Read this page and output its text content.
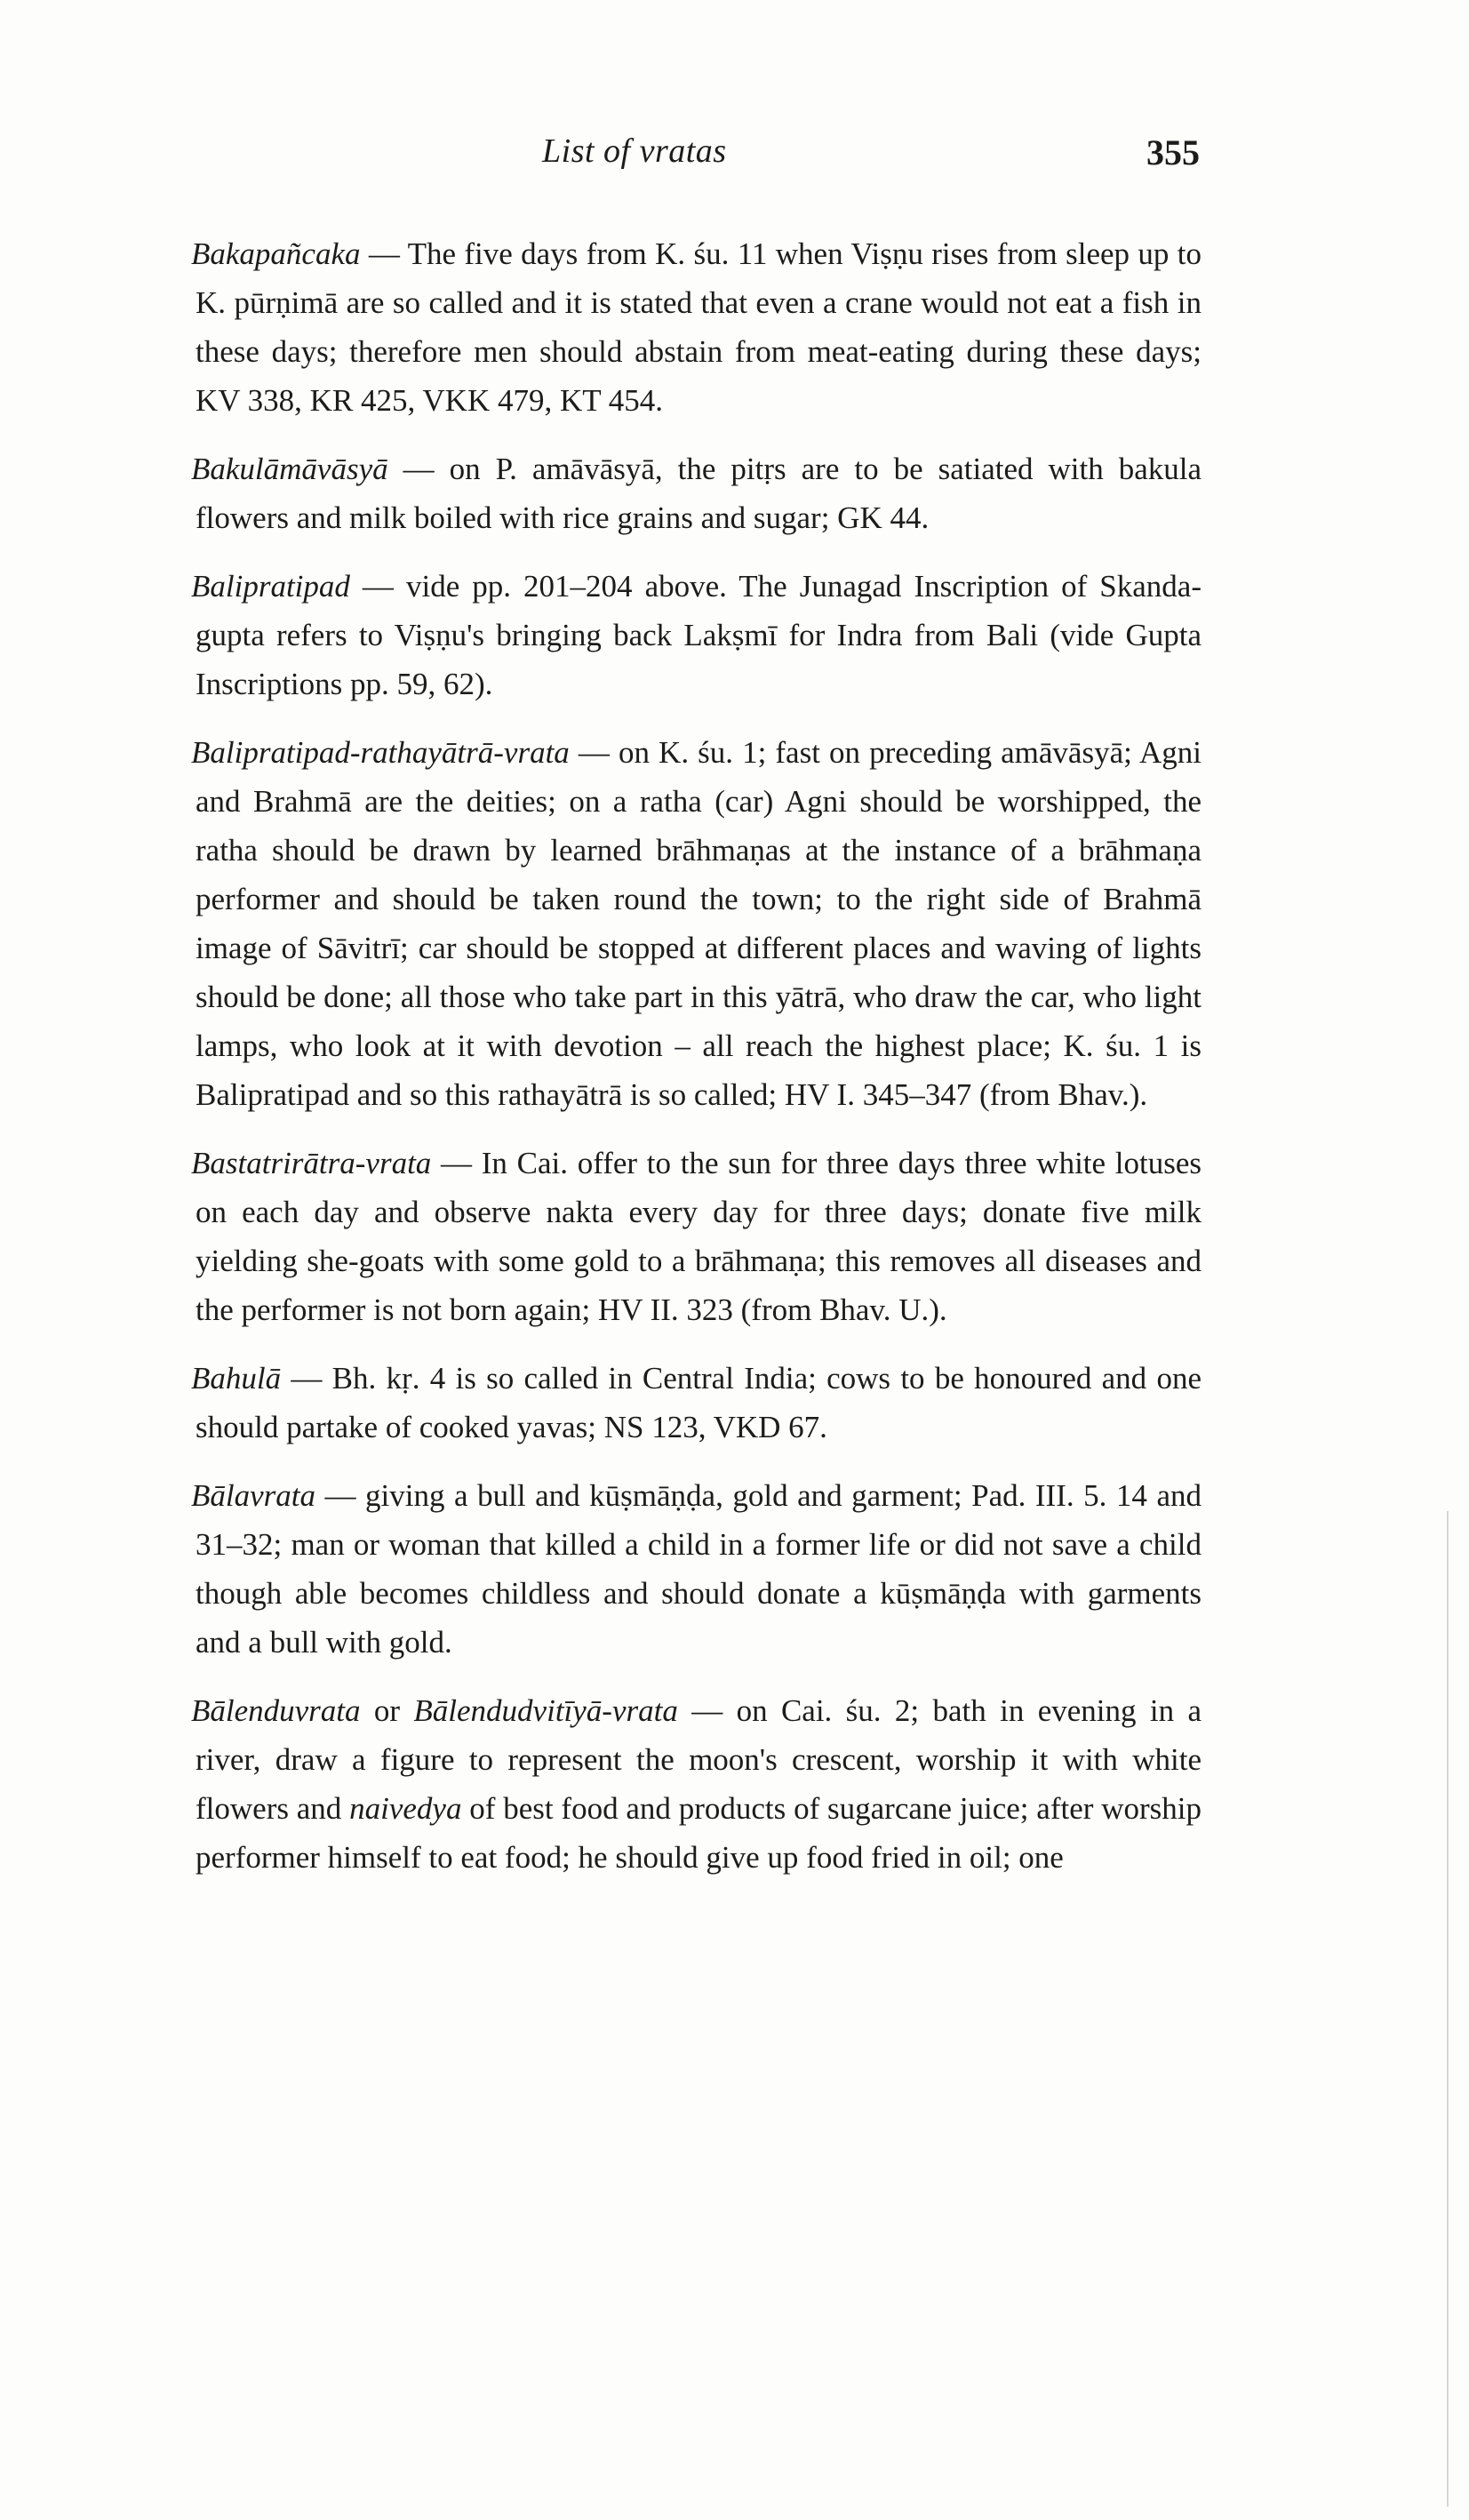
List of vratas	355
Bakapañcaka — The five days from K. śu. 11 when Viṣṇu rises from sleep up to K. pūrṇimā are so called and it is stated that even a crane would not eat a fish in these days; therefore men should abstain from meat-eating during these days; KV 338, KR 425, VKK 479, KT 454.
Bakulāmāvāsyā — on P. amāvāsyā, the pitṛs are to be satiated with bakula flowers and milk boiled with rice grains and sugar; GK 44.
Balipratipad — vide pp. 201–204 above. The Junagad Inscription of Skanda-gupta refers to Viṣṇu's bringing back Lakṣmī for Indra from Bali (vide Gupta Inscriptions pp. 59, 62).
Balipratipad-rathayātrā-vrata — on K. śu. 1; fast on preceding amāvāsyā; Agni and Brahmā are the deities; on a ratha (car) Agni should be worshipped, the ratha should be drawn by learned brāhmaṇas at the instance of a brāhmaṇa performer and should be taken round the town; to the right side of Brahmā image of Sāvitrī; car should be stopped at different places and waving of lights should be done; all those who take part in this yātrā, who draw the car, who light lamps, who look at it with devotion – all reach the highest place; K. śu. 1 is Balipratipad and so this rathayātrā is so called; HV I. 345–347 (from Bhav.).
Bastatrirātra-vrata — In Cai. offer to the sun for three days three white lotuses on each day and observe nakta every day for three days; donate five milk yielding she-goats with some gold to a brāhmaṇa; this removes all diseases and the performer is not born again; HV II. 323 (from Bhav. U.).
Bahulā — Bh. kṛ. 4 is so called in Central India; cows to be honoured and one should partake of cooked yavas; NS 123, VKD 67.
Bālavrata — giving a bull and kūṣmāṇḍa, gold and garment; Pad. III. 5. 14 and 31–32; man or woman that killed a child in a former life or did not save a child though able becomes childless and should donate a kūṣmāṇḍa with garments and a bull with gold.
Bālenduvrata or Bālendudvitīyā-vrata — on Cai. śu. 2; bath in evening in a river, draw a figure to represent the moon's crescent, worship it with white flowers and naivedya of best food and products of sugarcane juice; after worship performer himself to eat food; he should give up food fried in oil; one
